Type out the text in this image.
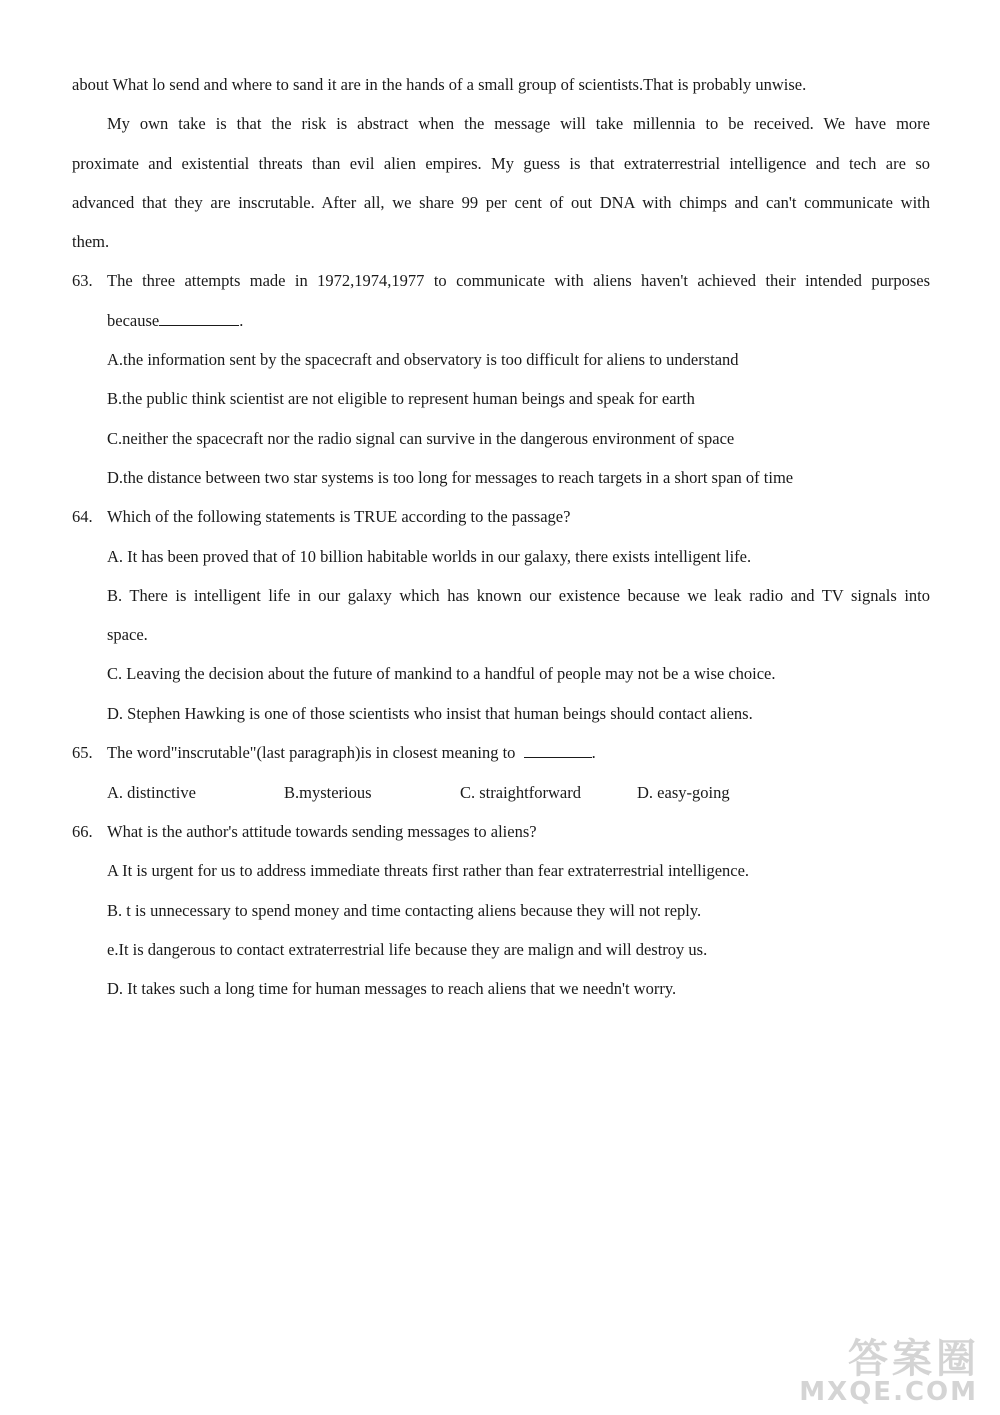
about What lo send and where to sand it are in the hands of a small group of scientists.That is probably unwise.
My own take is that the risk is abstract when the message will take millennia to be received. We have more
proximate and existential threats than evil alien empires. My guess is that extraterrestrial intelligence and tech are so
advanced that they are inscrutable. After all, we share 99 per cent of out DNA with chimps and can't communicate with
them.
63. The three attempts made in 1972,1974,1977 to communicate with aliens haven't achieved their intended purposes
because	.
A.the information sent by the spacecraft and observatory is too difficult for aliens to understand
B.the public think scientist are not eligible to represent human beings and speak for earth
C.neither the spacecraft nor the radio signal can survive in the dangerous environment of space
D.the distance between two star systems is too long for messages to reach targets in a short span of time
64. Which of the following statements is TRUE according to the passage?
A. It has been proved that of 10 billion habitable worlds in our galaxy, there exists intelligent life.
B. There is intelligent life in our galaxy which has known our existence because we leak radio and TV signals into
space.
C. Leaving the decision about the future of mankind to a handful of people may not be a wise choice.
D. Stephen Hawking is one of those scientists who insist that human beings should contact aliens.
65. The word"inscrutable"(last paragraph)is in closest meaning to	.
A. distinctive	B.mysterious	C. straightforward	D. easy-going
66. What is the author's attitude towards sending messages to aliens?
A It is urgent for us to address immediate threats first rather than fear extraterrestrial intelligence.
B. t is unnecessary to spend money and time contacting aliens because they will not reply.
e.It is dangerous to contact extraterrestrial life because they are malign and will destroy us.
D. It takes such a long time for human messages to reach aliens that we needn't worry.
答案圈
MXQE.COM
